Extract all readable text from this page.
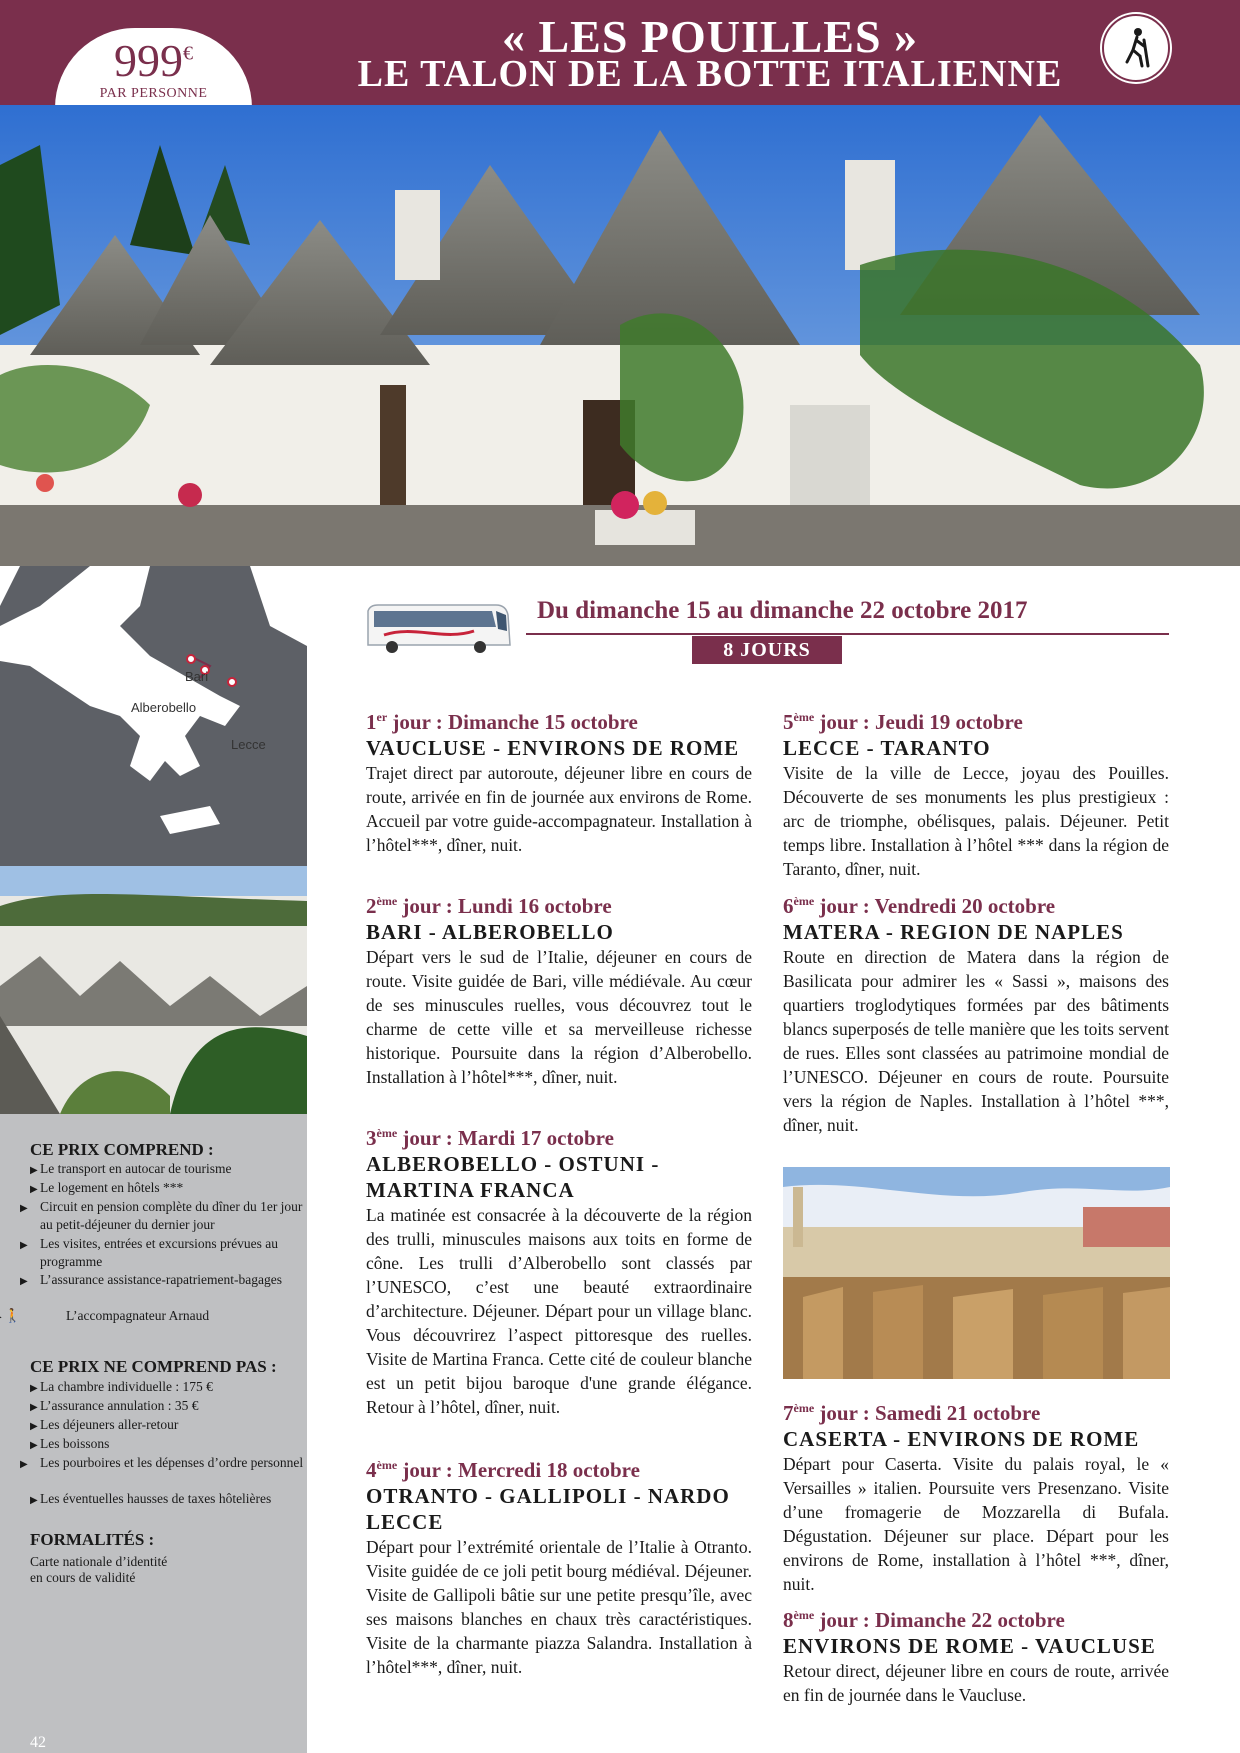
« LES POUILLES »
LE TALON DE LA BOTTE ITALIENNE
999€
PAR PERSONNE
ITALIE
Bari
Alberobello
Lecce
CE PRIX COMPREND :
▶ Le transport en autocar de tourisme
▶ Le logement en hôtels ***
▶ Circuit en pension complète du dîner du 1er jour au petit-déjeuner du dernier jour
▶ Les visites, entrées et excursions prévues au programme
▶ L’assurance assistance-rapatriement-bagages
🚶	L’accompagnateur Arnaud
CE PRIX NE COMPREND PAS :
▶ La chambre individuelle : 175 €
▶ L’assurance annulation : 35 €
▶ Les déjeuners aller-retour
▶ Les boissons
▶ Les pourboires et les dépenses d’ordre personnel
▶ Les éventuelles hausses de taxes hôtelières
FORMALITÉS :
Carte nationale d’identité en cours de validité
42
Du dimanche 15 au dimanche 22 octobre 2017
8 JOURS
1er jour : Dimanche 15 octobre
VAUCLUSE - ENVIRONS DE ROME
Trajet direct par autoroute, déjeuner libre en cours de route, arrivée en fin de journée aux environs de Rome. Accueil par votre guide-accompagnateur. Installation à l’hôtel***, dîner, nuit.
2ème jour : Lundi 16 octobre
BARI - ALBEROBELLO
Départ vers le sud de l’Italie, déjeuner en cours de route. Visite guidée de Bari, ville médiévale. Au cœur de ses minuscules ruelles, vous découvrez tout le charme de cette ville et sa merveilleuse richesse historique. Poursuite dans la région d’Alberobello. Installation à l’hôtel***, dîner, nuit.
3ème jour : Mardi 17 octobre
ALBEROBELLO - OSTUNI - MARTINA FRANCA
La matinée est consacrée à la découverte de la région des trulli, minuscules maisons aux toits en forme de cône. Les trulli d’Alberobello sont classés par l’UNESCO, c’est une beauté extraordinaire d’architecture. Déjeuner. Départ pour un village blanc. Vous découvrirez l’aspect pittoresque des ruelles. Visite de Martina Franca. Cette cité de couleur blanche est un petit bijou baroque d'une grande élégance. Retour à l’hôtel, dîner, nuit.
4ème jour : Mercredi 18 octobre
OTRANTO - GALLIPOLI - NARDO LECCE
Départ pour l’extrémité orientale de l’Italie à Otranto. Visite guidée de ce joli petit bourg médiéval. Déjeuner. Visite de Gallipoli bâtie sur une petite presqu’île, avec ses maisons blanches en chaux très caractéristiques. Visite de la charmante piazza Salandra. Installation à l’hôtel***, dîner, nuit.
5ème jour : Jeudi 19 octobre
LECCE - TARANTO
Visite de la ville de Lecce, joyau des Pouilles. Découverte de ses monuments les plus prestigieux : arc de triomphe, obélisques, palais. Déjeuner. Petit temps libre. Installation à l’hôtel *** dans la région de Taranto, dîner, nuit.
6ème jour : Vendredi 20 octobre
MATERA - REGION DE NAPLES
Route en direction de Matera dans la région de Basilicata pour admirer les « Sassi », maisons des quartiers troglodytiques formées par des bâtiments blancs superposés de telle manière que les toits servent de rues. Elles sont classées au patrimoine mondial de l’UNESCO. Déjeuner en cours de route. Poursuite vers la région de Naples. Installation à l’hôtel ***, dîner, nuit.
7ème jour : Samedi 21 octobre
CASERTA - ENVIRONS DE ROME
Départ pour Caserta. Visite du palais royal, le « Versailles » italien. Poursuite vers Presenzano. Visite d’une fromagerie de Mozzarella di Bufala. Dégustation. Déjeuner sur place. Départ pour les environs de Rome, installation à l’hôtel ***, dîner, nuit.
8ème jour : Dimanche 22 octobre
ENVIRONS DE ROME - VAUCLUSE
Retour direct, déjeuner libre en cours de route, arrivée en fin de journée dans le Vaucluse.
